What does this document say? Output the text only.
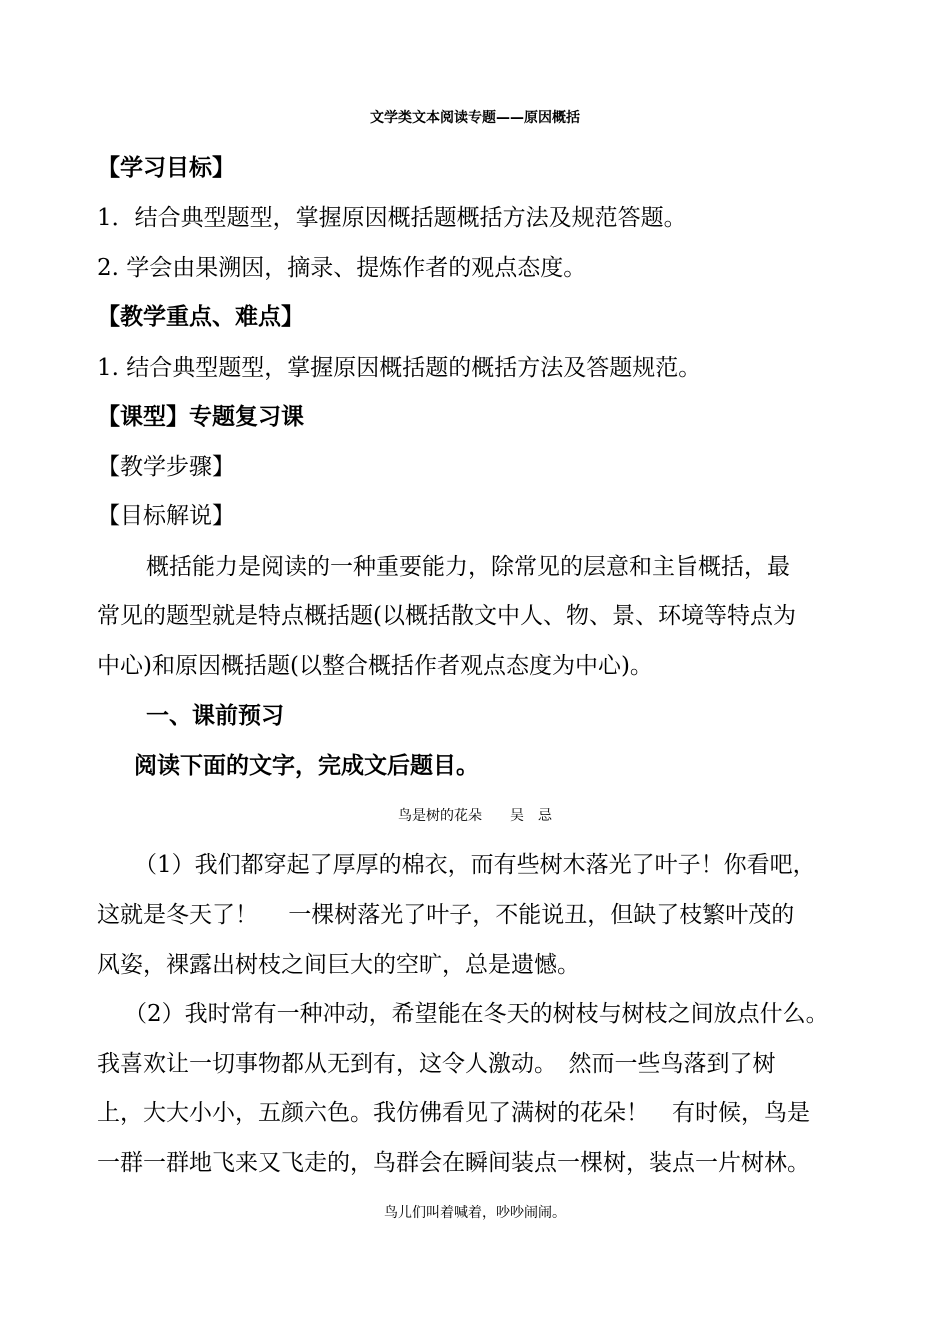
文学类文本阅读专题——原因概括
【学习目标】
1．结合典型题型，掌握原因概括题概括方法及规范答题。
2. 学会由果溯因，摘录、提炼作者的观点态度。
【教学重点、难点】
1. 结合典型题型，掌握原因概括题的概括方法及答题规范。
【课型】专题复习课
【教学步骤】
【目标解说】
概括能力是阅读的一种重要能力，除常见的层意和主旨概括，最
常见的题型就是特点概括题(以概括散文中人、物、景、环境等特点为
中心)和原因概括题(以整合概括作者观点态度为中心)。
一、课前预习
阅读下面的文字，完成文后题目。
鸟是树的花朵　　吴　忌
（1）我们都穿起了厚厚的棉衣，而有些树木落光了叶子！你看吧，
这就是冬天了！　 一棵树落光了叶子，不能说丑，但缺了枝繁叶茂的
风姿，裸露出树枝之间巨大的空旷，总是遗憾。
（2）我时常有一种冲动，希望能在冬天的树枝与树枝之间放点什么。
我喜欢让一切事物都从无到有，这令人激动。　然而一些鸟落到了树
上，大大小小，五颜六色。我仿佛看见了满树的花朵！　有时候，鸟是
一群一群地飞来又飞走的，鸟群会在瞬间装点一棵树，装点一片树林。
鸟儿们叫着喊着，吵吵闹闹。
